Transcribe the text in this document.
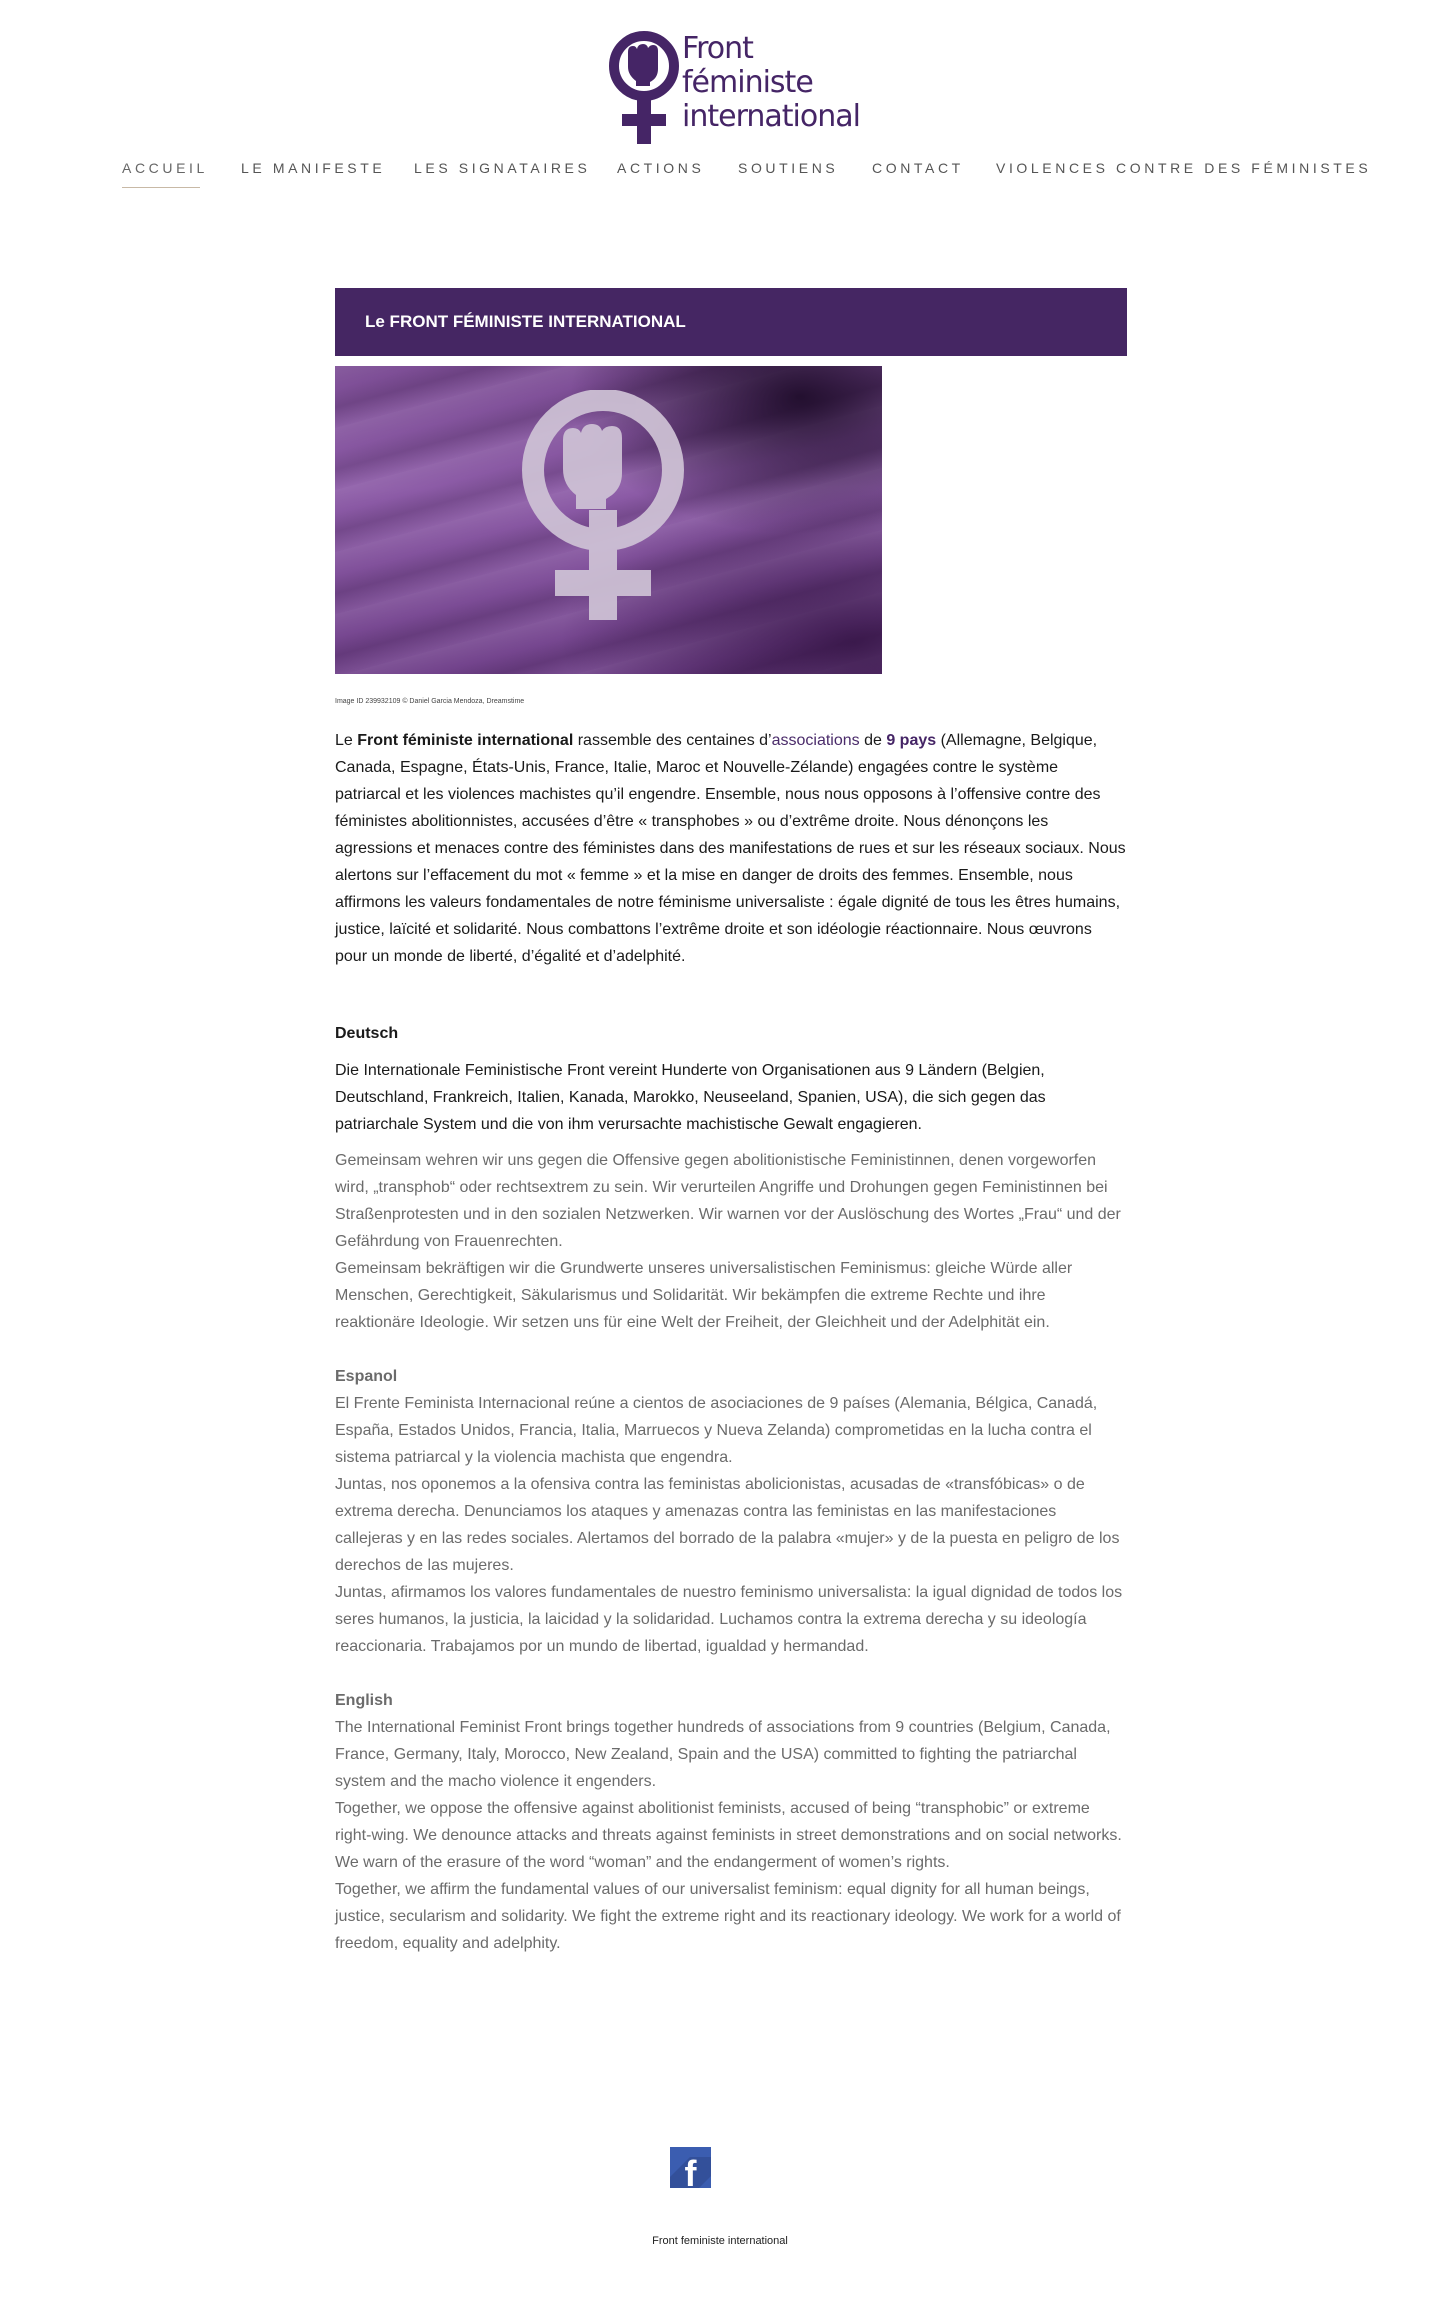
Front
féministe
international
ACCUEIL LE MANIFESTE LES SIGNATAIRES ACTIONS SOUTIENS CONTACT VIOLENCES CONTRE DES FÉMINISTES
Le FRONT FÉMINISTE INTERNATIONAL

Image ID 239932109 © Daniel Garcia Mendoza, Dreamstime

Le Front féministe international rassemble des centaines d’associations de 9 pays (Allemagne, Belgique, Canada, Espagne, États-Unis, France, Italie, Maroc et Nouvelle-Zélande) engagées contre le système patriarcal et les violences machistes qu’il engendre. Ensemble, nous nous opposons à l’offensive contre des féministes abolitionnistes, accusées d’être « transphobes » ou d’extrême droite. Nous dénonçons les agressions et menaces contre des féministes dans des manifestations de rues et sur les réseaux sociaux. Nous alertons sur l’effacement du mot « femme » et la mise en danger de droits des femmes. Ensemble, nous affirmons les valeurs fondamentales de notre féminisme universaliste : égale dignité de tous les êtres humains, justice, laïcité et solidarité. Nous combattons l’extrême droite et son idéologie réactionnaire. Nous œuvrons pour un monde de liberté, d’égalité et d’adelphité.

Deutsch

Die Internationale Feministische Front vereint Hunderte von Organisationen aus 9 Ländern (Belgien, Deutschland, Frankreich, Italien, Kanada, Marokko, Neuseeland, Spanien, USA), die sich gegen das patriarchale System und die von ihm verursachte machistische Gewalt engagieren.

Gemeinsam wehren wir uns gegen die Offensive gegen abolitionistische Feministinnen, denen vorgeworfen wird, „transphob“ oder rechtsextrem zu sein. Wir verurteilen Angriffe und Drohungen gegen Feministinnen bei Straßenprotesten und in den sozialen Netzwerken. Wir warnen vor der Auslöschung des Wortes „Frau“ und der Gefährdung von Frauenrechten.
Gemeinsam bekräftigen wir die Grundwerte unseres universalistischen Feminismus: gleiche Würde aller Menschen, Gerechtigkeit, Säkularismus und Solidarität. Wir bekämpfen die extreme Rechte und ihre reaktionäre Ideologie. Wir setzen uns für eine Welt der Freiheit, der Gleichheit und der Adelphität ein.
Espanol
El Frente Feminista Internacional reúne a cientos de asociaciones de 9 países (Alemania, Bélgica, Canadá, España, Estados Unidos, Francia, Italia, Marruecos y Nueva Zelanda) comprometidas en la lucha contra el sistema patriarcal y la violencia machista que engendra.
Juntas, nos oponemos a la ofensiva contra las feministas abolicionistas, acusadas de «transfóbicas» o de extrema derecha. Denunciamos los ataques y amenazas contra las feministas en las manifestaciones callejeras y en las redes sociales. Alertamos del borrado de la palabra «mujer» y de la puesta en peligro de los derechos de las mujeres.
Juntas, afirmamos los valores fundamentales de nuestro feminismo universalista: la igual dignidad de todos los seres humanos, la justicia, la laicidad y la solidaridad. Luchamos contra la extrema derecha y su ideología reaccionaria. Trabajamos por un mundo de libertad, igualdad y hermandad.
English
The International Feminist Front brings together hundreds of associations from 9 countries (Belgium, Canada, France, Germany, Italy, Morocco, New Zealand, Spain and the USA) committed to fighting the patriarchal system and the macho violence it engenders.
Together, we oppose the offensive against abolitionist feminists, accused of being “transphobic” or extreme right-wing. We denounce attacks and threats against feminists in street demonstrations and on social networks. We warn of the erasure of the word “woman” and the endangerment of women’s rights.
Together, we affirm the fundamental values of our universalist feminism: equal dignity for all human beings, justice, secularism and solidarity. We fight the extreme right and its reactionary ideology. We work for a world of freedom, equality and adelphity.
f
Front feministe international
